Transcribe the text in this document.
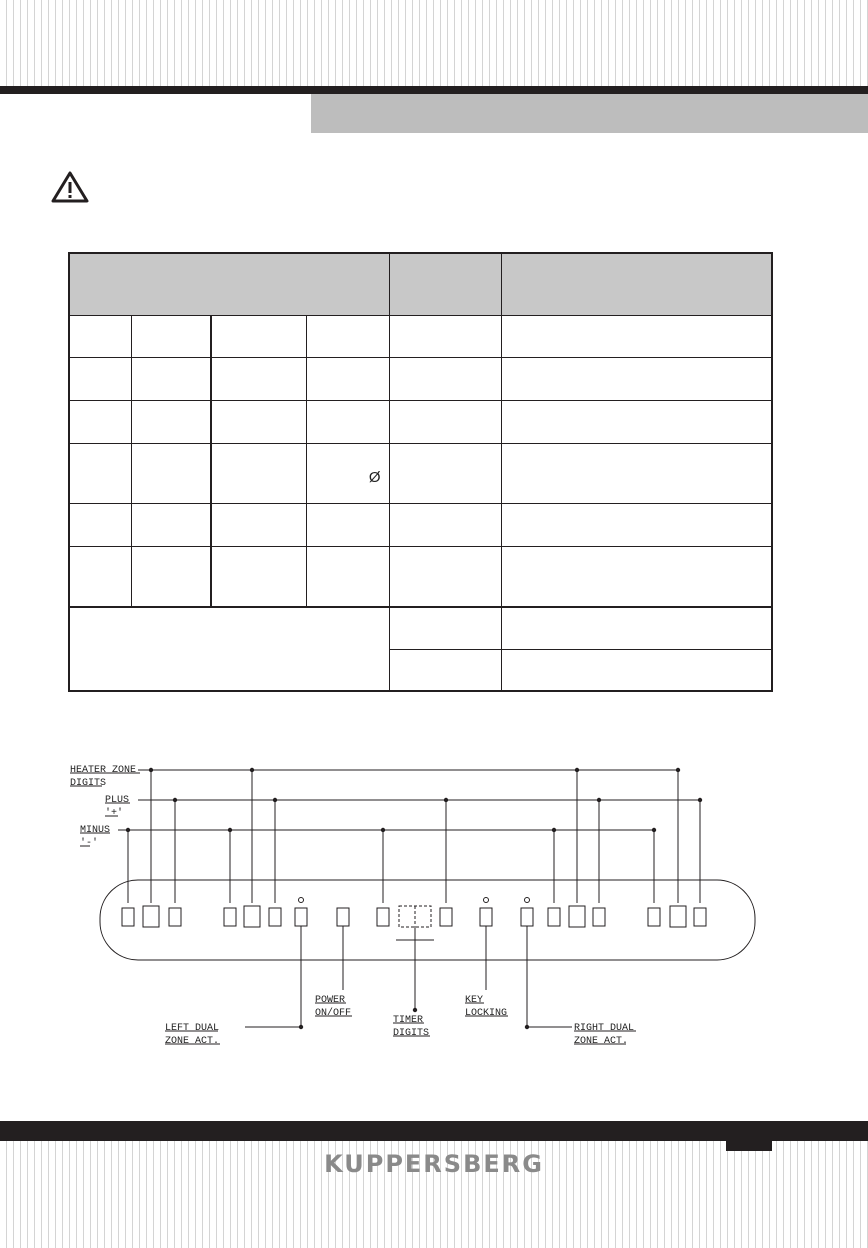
			Ø		

HEATER ZONE
DIGITS
PLUS
'+'
MINUS
'-'
LEFT DUAL
ZONE ACT.
POWER
ON/OFF
TIMER
DIGITS
KEY
LOCKING
RIGHT DUAL
ZONE ACT.
KUPPERSBERG
